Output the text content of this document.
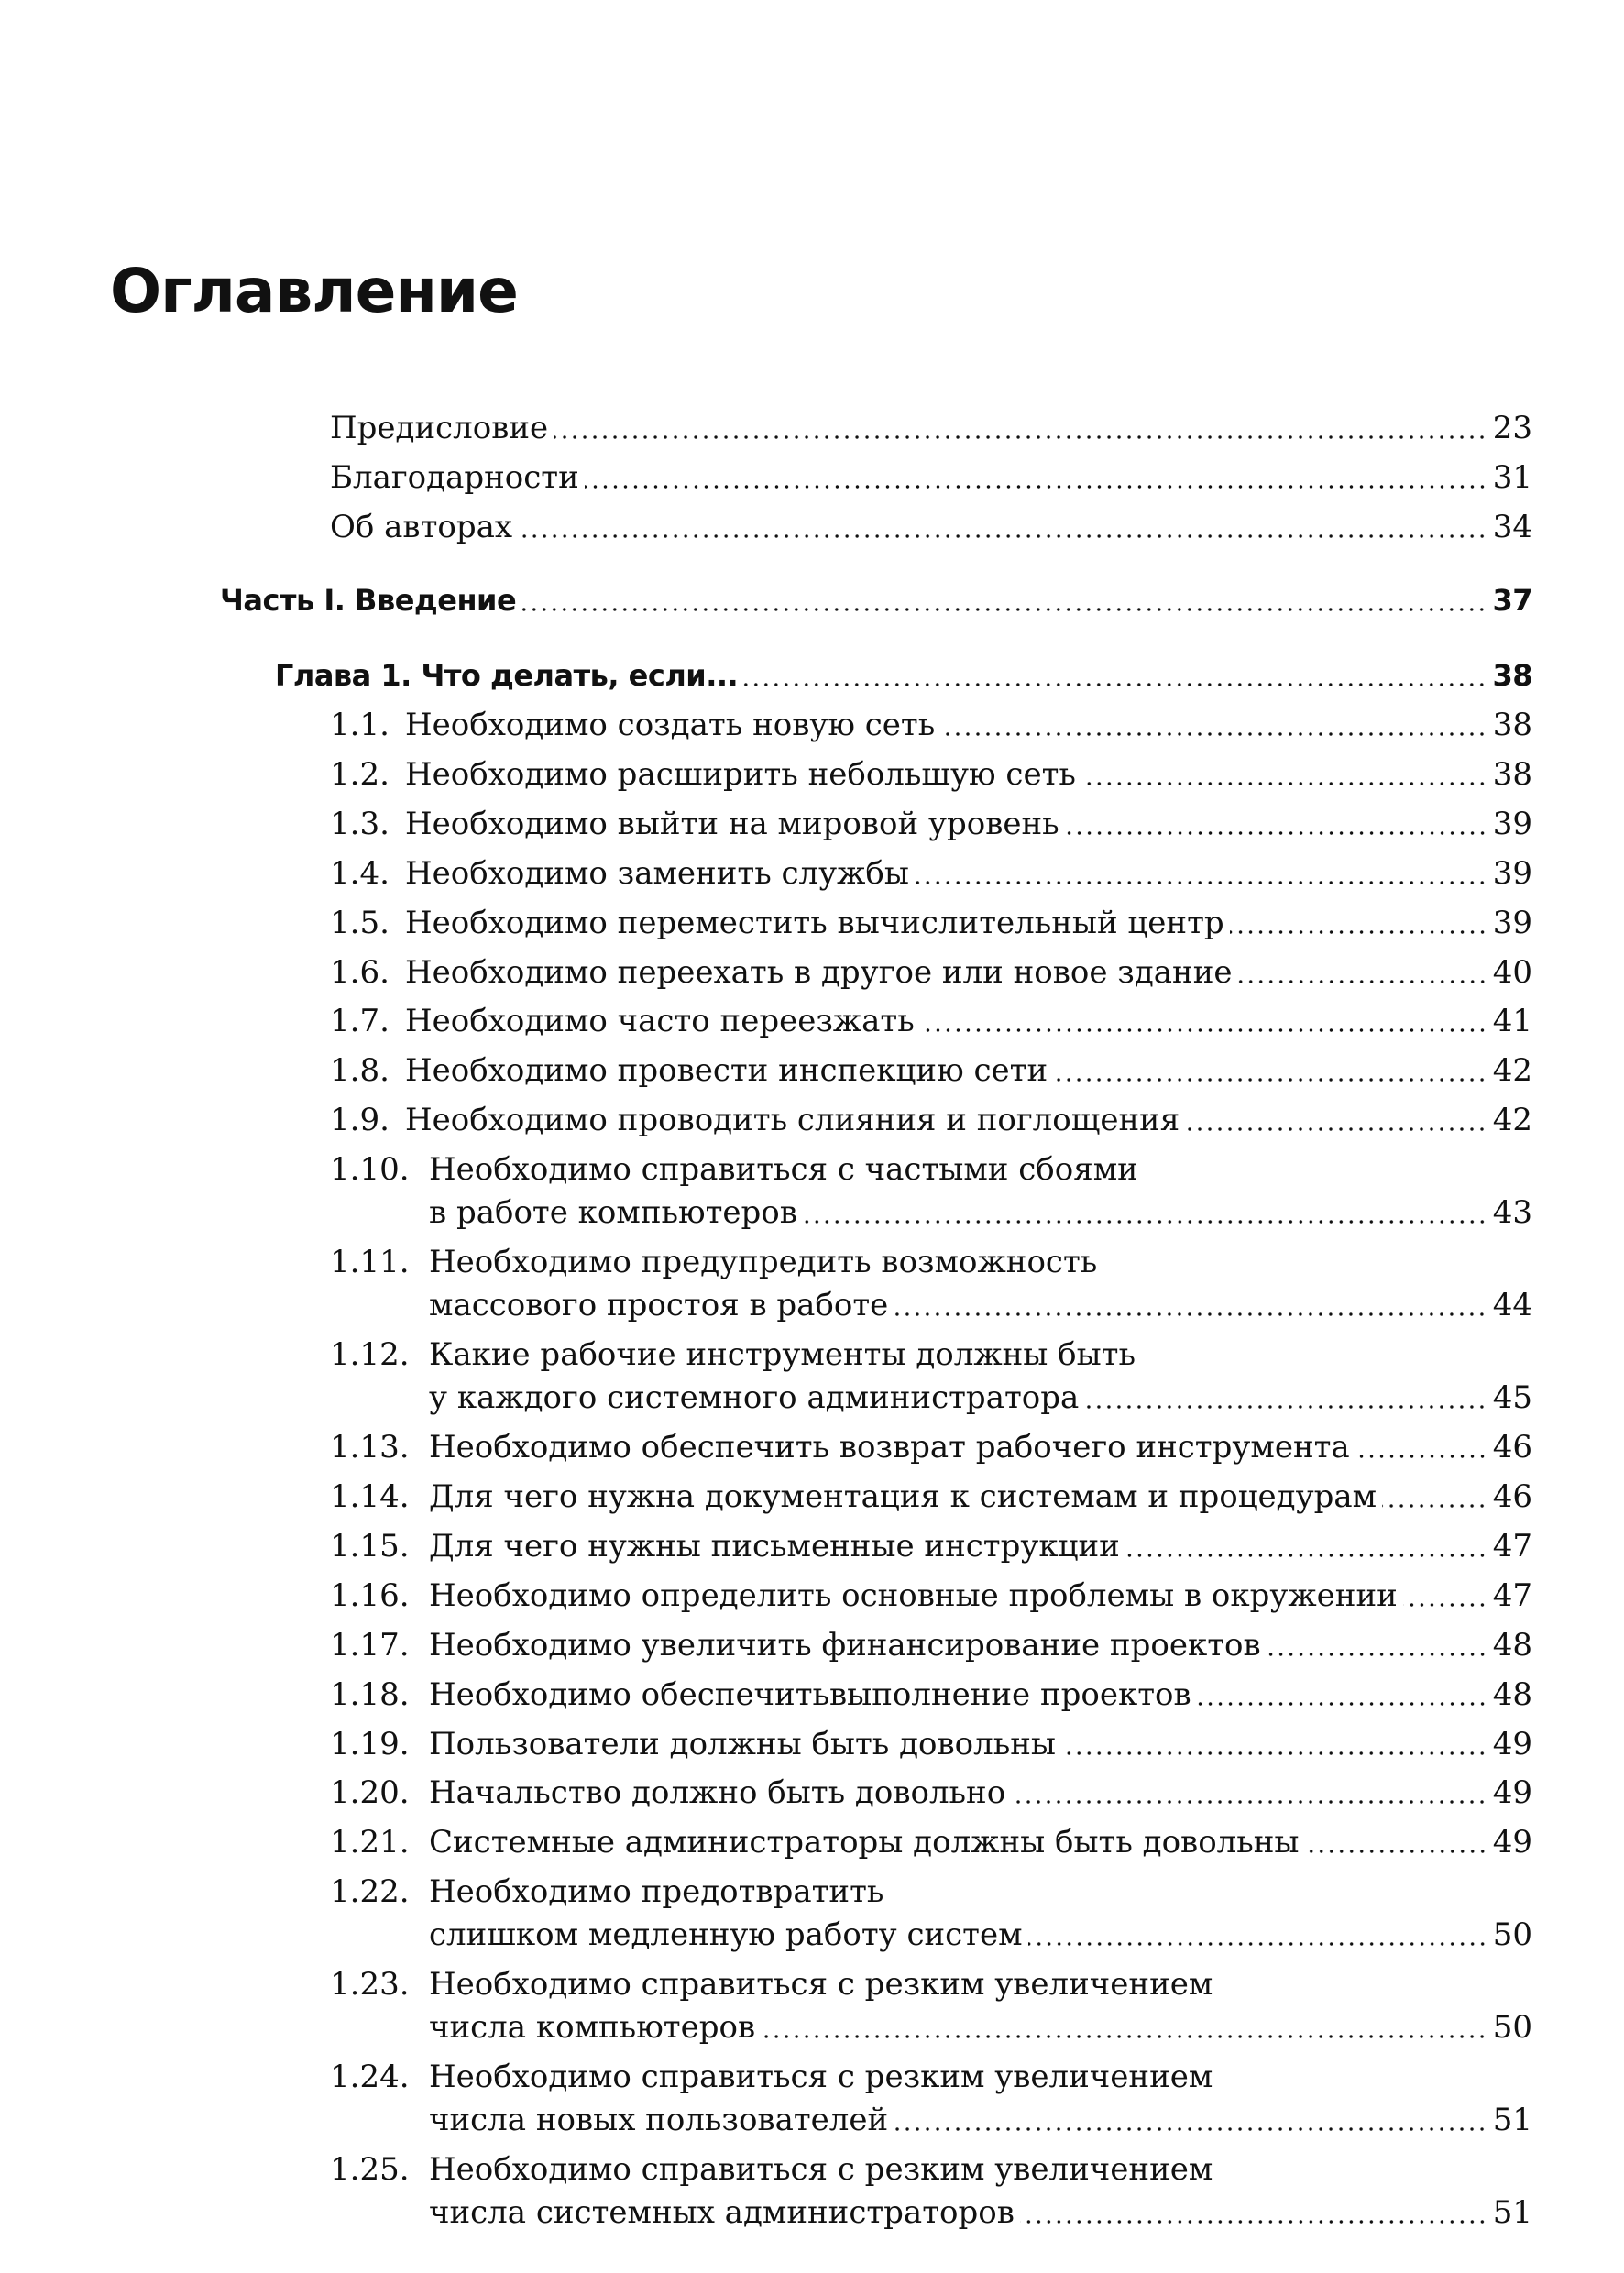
Оглавление
Предисловие	23
Благодарности	31
Об авторах	34
Часть I. Введение	37
Глава 1. Что делать, если...	38
1.1. Необходимо создать новую сеть	38
1.2. Необходимо расширить небольшую сеть	38
1.3. Необходимо выйти на мировой уровень	39
1.4. Необходимо заменить службы	39
1.5. Необходимо переместить вычислительный центр	39
1.6. Необходимо переехать в другое или новое здание	40
1.7. Необходимо часто переезжать	41
1.8. Необходимо провести инспекцию сети	42
1.9. Необходимо проводить слияния и поглощения	42
1.10. Необходимо справиться с частыми сбоями
в работе компьютеров	43
1.11. Необходимо предупредить возможность
массового простоя в работе	44
1.12. Какие рабочие инструменты должны быть
у каждого системного администратора	45
1.13. Необходимо обеспечить возврат рабочего инструмента	46
1.14. Для чего нужна документация к системам и процедурам	46
1.15. Для чего нужны письменные инструкции	47
1.16. Необходимо определить основные проблемы в окружении	47
1.17. Необходимо увеличить финансирование проектов	48
1.18. Необходимо обеспечитьвыполнение проектов	48
1.19. Пользователи должны быть довольны	49
1.20. Начальство должно быть довольно	49
1.21. Системные администраторы должны быть довольны	49
1.22. Необходимо предотвратить
слишком медленную работу систем	50
1.23. Необходимо справиться с резким увеличением
числа компьютеров	50
1.24. Необходимо справиться с резким увеличением
числа новых пользователей	51
1.25. Необходимо справиться с резким увеличением
числа системных администраторов	51
